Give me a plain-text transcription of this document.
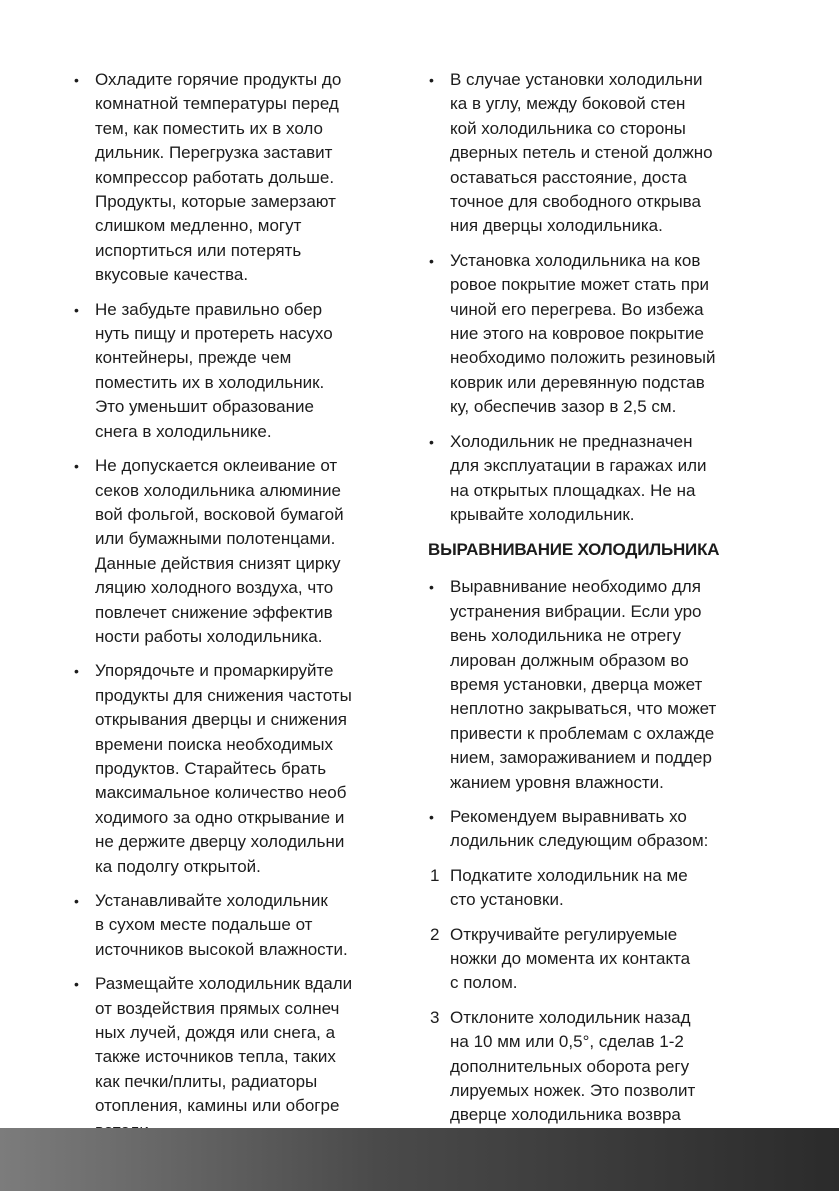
• Охладите горячие продукты до
комнатной температуры перед
тем, как поместить их в холо
дильник. Перегрузка заставит
компрессор работать дольше.
Продукты, которые замерзают
слишком медленно, могут
испортиться или потерять
вкусовые качества.
• Не забудьте правильно обер
нуть пищу и протереть насухо
контейнеры, прежде чем
поместить их в холодильник.
Это уменьшит образование
снега в холодильнике.
• Не допускается оклеивание от
секов холодильника алюминие
вой фольгой, восковой бумагой
или бумажными полотенцами.
Данные действия снизят цирку
ляцию холодного воздуха, что
повлечет снижение эффектив
ности работы холодильника.
• Упорядочьте и промаркируйте
продукты для снижения частоты
открывания дверцы и снижения
времени поиска необходимых
продуктов. Старайтесь брать
максимальное количество необ
ходимого за одно открывание и
не держите дверцу холодильни
ка подолгу открытой.
• Устанавливайте холодильник
в сухом месте подальше от
источников высокой влажности.
• Размещайте холодильник вдали
от воздействия прямых солнеч
ных лучей, дождя или снега, а
также источников тепла, таких
как печки/плиты, радиаторы
отопления, камины или обогре
• В случае установки холодильни
ка в углу, между боковой стен
кой холодильника со стороны
дверных петель и стеной должно
оставаться расстояние, доста
точное для свободного открыва
ния дверцы холодильника.
• Установка холодильника на ков
ровое покрытие может стать при
чиной его перегрева. Во избежа
ние этого на ковровое покрытие
необходимо положить резиновый
коврик или деревянную подстав
ку, обеспечив зазор в 2,5 см.
• Холодильник не предназначен
для эксплуатации в гаражах или
на открытых площадках. Не на
крывайте холодильник.
ВЫРАВНИВАНИЕ ХОЛОДИЛЬНИКА
• Выравнивание необходимо для
устранения вибрации. Если уро
вень холодильника не отрегу
лирован должным образом во
время установки, дверца может
неплотно закрываться, что может
привести к проблемам с охлажде
нием, замораживанием и поддер
жанием уровня влажности.
• Рекомендуем выравнивать хо
лодильник следующим образом:
1 Подкатите холодильник на ме
сто установки.
2 Откручивайте регулируемые
ножки до момента их контакта
с полом.
3 Отклоните холодильник назад
на 10 мм или 0,5°, сделав 1-2
дополнительных оборота регу
лируемых ножек. Это позволит
дверце холодильника возвра
